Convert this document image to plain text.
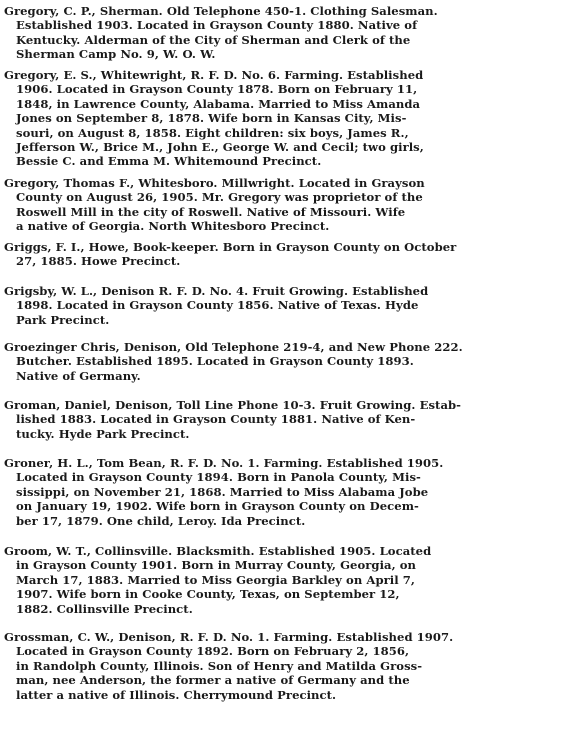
Gregory, C. P., Sherman. Old Telephone 450-1. Clothing Salesman.
Established 1903. Located in Grayson County 1880. Native of
Kentucky. Alderman of the City of Sherman and Clerk of the
Sherman Camp No. 9, W. O. W.
Gregory, E. S., Whitewright, R. F. D. No. 6. Farming. Established
1906. Located in Grayson County 1878. Born on February 11,
1848, in Lawrence County, Alabama. Married to Miss Amanda
Jones on September 8, 1878. Wife born in Kansas City, Mis-
souri, on August 8, 1858. Eight children: six boys, James R.,
Jefferson W., Brice M., John E., George W. and Cecil; two girls,
Bessie C. and Emma M. Whitemound Precinct.
Gregory, Thomas F., Whitesboro. Millwright. Located in Grayson
County on August 26, 1905. Mr. Gregory was proprietor of the
Roswell Mill in the city of Roswell. Native of Missouri. Wife
a native of Georgia. North Whitesboro Precinct.
Griggs, F. I., Howe, Book-keeper. Born in Grayson County on October
27, 1885. Howe Precinct.
Grigsby, W. L., Denison R. F. D. No. 4. Fruit Growing. Established
1898. Located in Grayson County 1856. Native of Texas. Hyde
Park Precinct.
Groezinger Chris, Denison, Old Telephone 219-4, and New Phone 222.
Butcher. Established 1895. Located in Grayson County 1893.
Native of Germany.
Groman, Daniel, Denison, Toll Line Phone 10-3. Fruit Growing. Estab-
lished 1883. Located in Grayson County 1881. Native of Ken-
tucky. Hyde Park Precinct.
Groner, H. L., Tom Bean, R. F. D. No. 1. Farming. Established 1905.
Located in Grayson County 1894. Born in Panola County, Mis-
sissippi, on November 21, 1868. Married to Miss Alabama Jobe
on January 19, 1902. Wife born in Grayson County on Decem-
ber 17, 1879. One child, Leroy. Ida Precinct.
Groom, W. T., Collinsville. Blacksmith. Established 1905. Located
in Grayson County 1901. Born in Murray County, Georgia, on
March 17, 1883. Married to Miss Georgia Barkley on April 7,
1907. Wife born in Cooke County, Texas, on September 12,
1882. Collinsville Precinct.
Grossman, C. W., Denison, R. F. D. No. 1. Farming. Established 1907.
Located in Grayson County 1892. Born on February 2, 1856,
in Randolph County, Illinois. Son of Henry and Matilda Gross-
man, nee Anderson, the former a native of Germany and the
latter a native of Illinois. Cherrymound Precinct.
